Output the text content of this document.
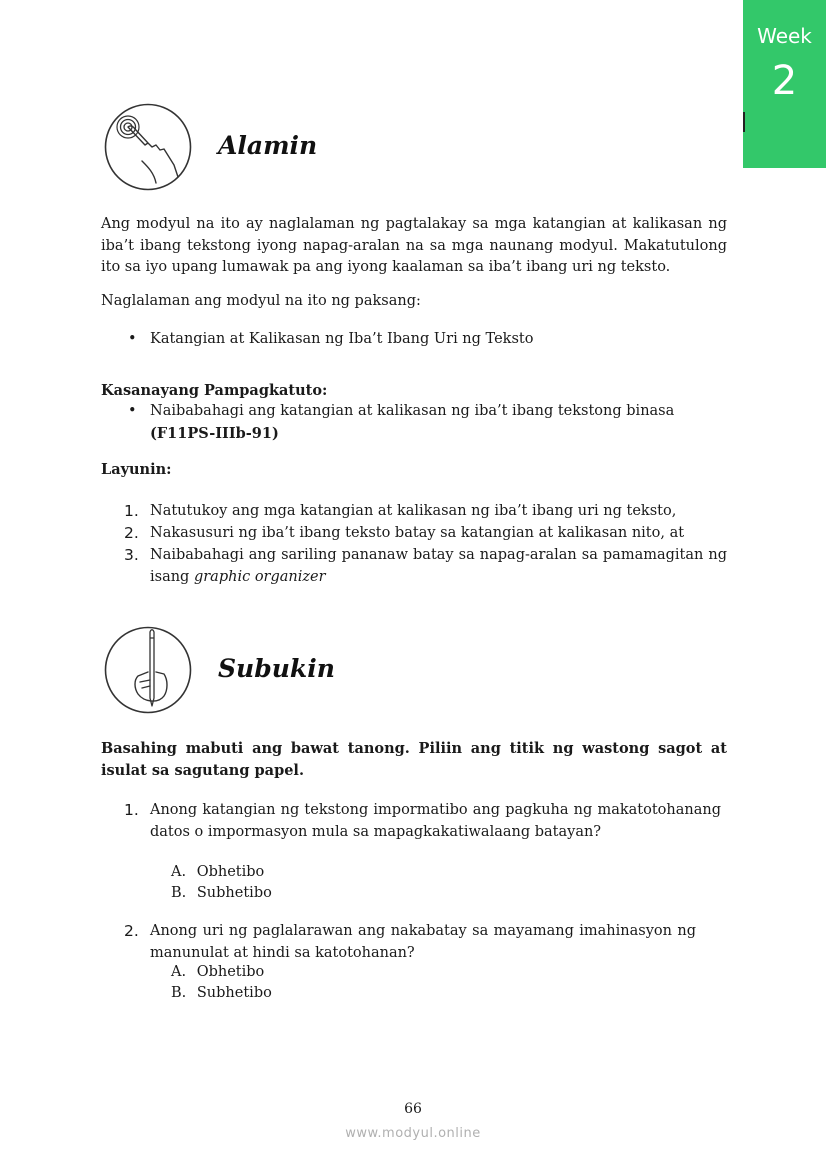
Week
2
Alamin
Ang modyul na ito ay naglalaman ng pagtalakay sa mga katangian at kalikasan ng iba’t ibang tekstong iyong napag-aralan na sa mga naunang modyul. Makatutulong ito sa iyo upang lumawak pa ang iyong kaalaman sa iba’t ibang uri ng teksto.
Naglalaman ang modyul na ito ng paksang:
• Katangian at Kalikasan ng Iba’t Ibang Uri ng Teksto
Kasanayang Pampagkatuto:
• Naibabahagi ang katangian at kalikasan ng iba’t ibang tekstong binasa
(F11PS-IIIb-91)
Layunin:
1. Natutukoy ang mga katangian at kalikasan ng iba’t ibang uri ng teksto,
2. Nakasusuri ng iba’t ibang teksto batay sa katangian at kalikasan nito, at
3. Naibabahagi ang sariling pananaw batay sa napag-aralan sa pamamagitan ng isang graphic organizer
Subukin
Basahing mabuti ang bawat tanong. Piliin ang titik ng wastong sagot at isulat sa sagutang papel.
1. Anong katangian ng tekstong impormatibo ang pagkuha ng makatotohanang datos o impormasyon mula sa mapagkakatiwalaang batayan?
A. Obhetibo
B. Subhetibo
2. Anong uri ng paglalarawan ang nakabatay sa mayamang imahinasyon ng manunulat at hindi sa katotohanan?
A. Obhetibo
B. Subhetibo
66
www.modyul.online
